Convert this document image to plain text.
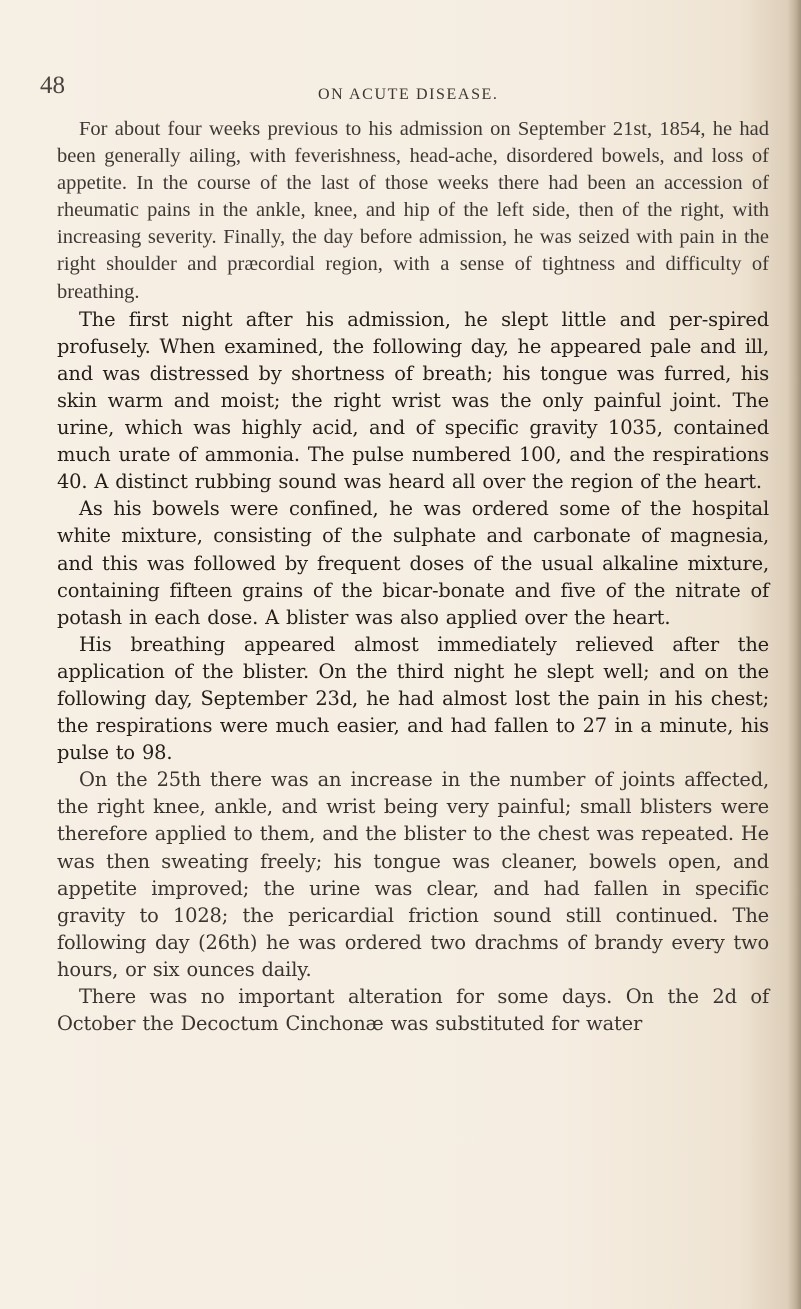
48	ON ACUTE DISEASE.

For about four weeks previous to his admission on September 21st, 1854, he had been generally ailing, with feverishness, head-ache, disordered bowels, and loss of appetite. In the course of the last of those weeks there had been an accession of rheumatic pains in the ankle, knee, and hip of the left side, then of the right, with increasing severity. Finally, the day before admission, he was seized with pain in the right shoulder and præcordial region, with a sense of tightness and difficulty of breathing.

The first night after his admission, he slept little and per-spired profusely. When examined, the following day, he appeared pale and ill, and was distressed by shortness of breath; his tongue was furred, his skin warm and moist; the right wrist was the only painful joint. The urine, which was highly acid, and of specific gravity 1035, contained much urate of ammonia. The pulse numbered 100, and the respirations 40. A distinct rubbing sound was heard all over the region of the heart.

As his bowels were confined, he was ordered some of the hospital white mixture, consisting of the sulphate and carbonate of magnesia, and this was followed by frequent doses of the usual alkaline mixture, containing fifteen grains of the bicar-bonate and five of the nitrate of potash in each dose. A blister was also applied over the heart.

His breathing appeared almost immediately relieved after the application of the blister. On the third night he slept well; and on the following day, September 23d, he had almost lost the pain in his chest; the respirations were much easier, and had fallen to 27 in a minute, his pulse to 98.

On the 25th there was an increase in the number of joints affected, the right knee, ankle, and wrist being very painful; small blisters were therefore applied to them, and the blister to the chest was repeated. He was then sweating freely; his tongue was cleaner, bowels open, and appetite improved; the urine was clear, and had fallen in specific gravity to 1028; the pericardial friction sound still continued. The following day (26th) he was ordered two drachms of brandy every two hours, or six ounces daily.

There was no important alteration for some days. On the 2d of October the Decoctum Cinchonæ was substituted for water
